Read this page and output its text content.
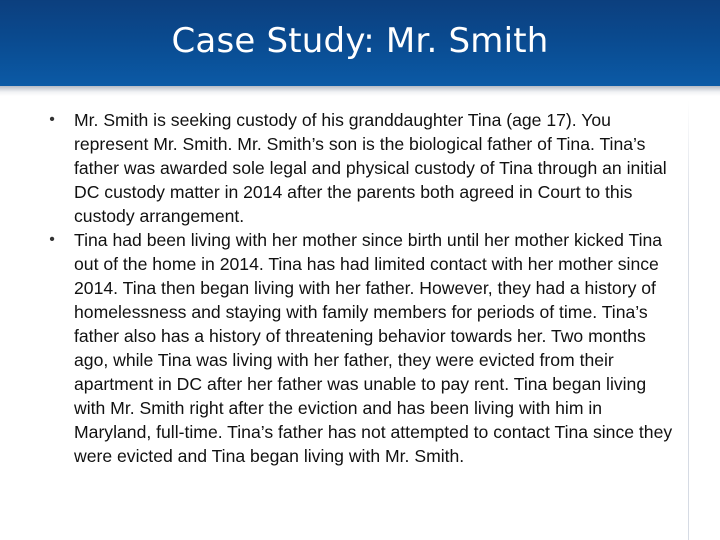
Case Study: Mr. Smith
•	Mr. Smith is seeking custody of his granddaughter Tina (age 17). You represent Mr. Smith. Mr. Smith’s son is the biological father of Tina. Tina’s father was awarded sole legal and physical custody of Tina through an initial DC custody matter in 2014 after the parents both agreed in Court to this custody arrangement.

•	Tina had been living with her mother since birth until her mother kicked Tina out of the home in 2014. Tina has had limited contact with her mother since 2014. Tina then began living with her father. However, they had a history of homelessness and staying with family members for periods of time. Tina’s father also has a history of threatening behavior towards her. Two months ago, while Tina was living with her father, they were evicted from their apartment in DC after her father was unable to pay rent. Tina began living with Mr. Smith right after the eviction and has been living with him in Maryland, full-time. Tina’s father has not attempted to contact Tina since they were evicted and Tina began living with Mr. Smith.
